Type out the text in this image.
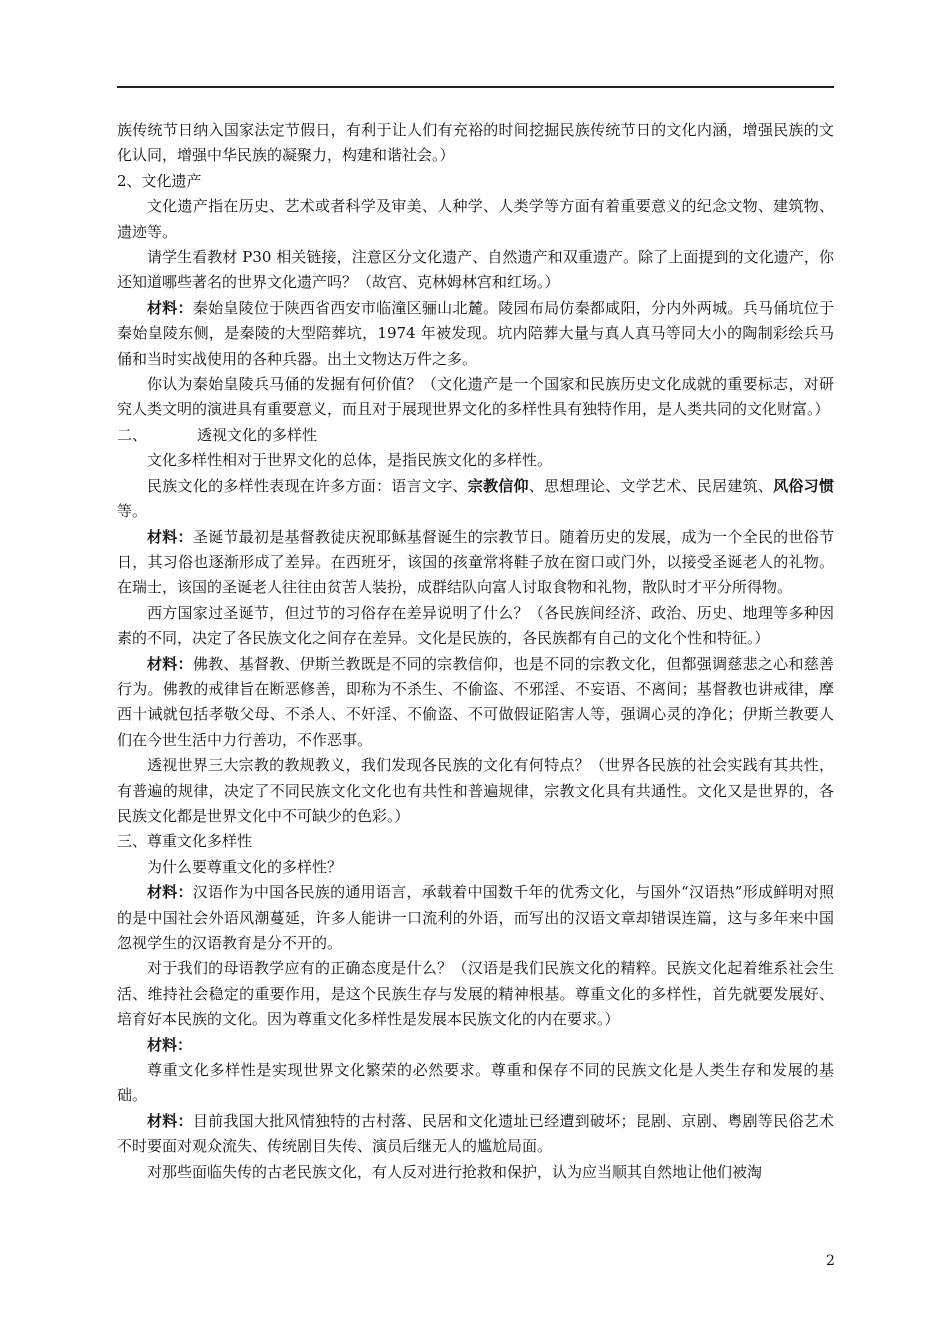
族传统节日纳入国家法定节假日，有利于让人们有充裕的时间挖掘民族传统节日的文化内涵，增强民族的文化认同，增强中华民族的凝聚力，构建和谐社会。）

2、文化遗产

文化遗产指在历史、艺术或者科学及审美、人种学、人类学等方面有着重要意义的纪念文物、建筑物、遗迹等。

请学生看教材 P30 相关链接，注意区分文化遗产、自然遗产和双重遗产。除了上面提到的文化遗产，你还知道哪些著名的世界文化遗产吗？（故宫、克林姆林宫和红场。）

材料：秦始皇陵位于陕西省西安市临潼区骊山北麓。陵园布局仿秦都咸阳，分内外两城。兵马俑坑位于秦始皇陵东侧，是秦陵的大型陪葬坑，1974 年被发现。坑内陪葬大量与真人真马等同大小的陶制彩绘兵马俑和当时实战使用的各种兵器。出土文物达万件之多。

你认为秦始皇陵兵马俑的发掘有何价值？（文化遗产是一个国家和民族历史文化成就的重要标志，对研究人类文明的演进具有重要意义，而且对于展现世界文化的多样性具有独特作用，是人类共同的文化财富。）

二、	透视文化的多样性

文化多样性相对于世界文化的总体，是指民族文化的多样性。

民族文化的多样性表现在许多方面：语言文字、宗教信仰、思想理论、文学艺术、民居建筑、风俗习惯等。

材料：圣诞节最初是基督教徒庆祝耶稣基督诞生的宗教节日。随着历史的发展，成为一个全民的世俗节日，其习俗也逐渐形成了差异。在西班牙，该国的孩童常将鞋子放在窗口或门外，以接受圣诞老人的礼物。在瑞士，该国的圣诞老人往往由贫苦人装扮，成群结队向富人讨取食物和礼物，散队时才平分所得物。

西方国家过圣诞节，但过节的习俗存在差异说明了什么？（各民族间经济、政治、历史、地理等多种因素的不同，决定了各民族文化之间存在差异。文化是民族的，各民族都有自己的文化个性和特征。）

材料：佛教、基督教、伊斯兰教既是不同的宗教信仰，也是不同的宗教文化，但都强调慈悲之心和慈善行为。佛教的戒律旨在断恶修善，即称为不杀生、不偷盗、不邪淫、不妄语、不离间；基督教也讲戒律，摩西十诫就包括孝敬父母、不杀人、不奸淫、不偷盗、不可做假证陷害人等，强调心灵的净化；伊斯兰教要人们在今世生活中力行善功，不作恶事。

透视世界三大宗教的教规教义，我们发现各民族的文化有何特点？（世界各民族的社会实践有其共性，有普遍的规律，决定了不同民族文化文化也有共性和普遍规律，宗教文化具有共通性。文化又是世界的，各民族文化都是世界文化中不可缺少的色彩。）

三、尊重文化多样性

为什么要尊重文化的多样性？

材料：汉语作为中国各民族的通用语言，承载着中国数千年的优秀文化，与国外“汉语热”形成鲜明对照的是中国社会外语风潮蔓延，许多人能讲一口流利的外语，而写出的汉语文章却错误连篇，这与多年来中国忽视学生的汉语教育是分不开的。

对于我们的母语教学应有的正确态度是什么？（汉语是我们民族文化的精粹。民族文化起着维系社会生活、维持社会稳定的重要作用，是这个民族生存与发展的精神根基。尊重文化的多样性，首先就要发展好、培育好本民族的文化。因为尊重文化多样性是发展本民族文化的内在要求。）

材料：

尊重文化多样性是实现世界文化繁荣的必然要求。尊重和保存不同的民族文化是人类生存和发展的基础。

材料：目前我国大批风情独特的古村落、民居和文化遗址已经遭到破坏；昆剧、京剧、粤剧等民俗艺术不时要面对观众流失、传统剧目失传、演员后继无人的尴尬局面。

对那些面临失传的古老民族文化，有人反对进行抢救和保护，认为应当顺其自然地让他们被淘

2
